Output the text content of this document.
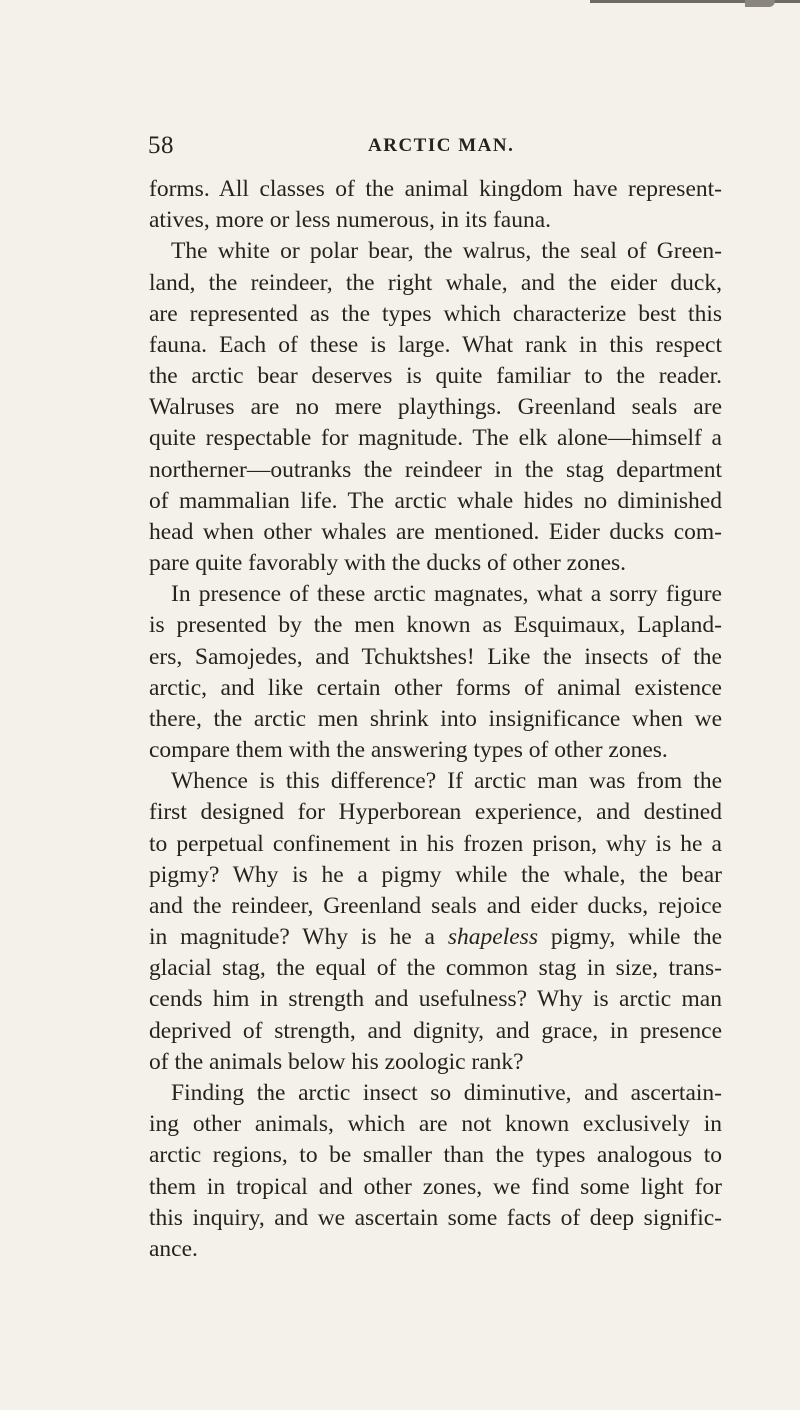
58	ARCTIC MAN.
forms. All classes of the animal kingdom have represent-
atives, more or less numerous, in its fauna.
The white or polar bear, the walrus, the seal of Green-
land, the reindeer, the right whale, and the eider duck,
are represented as the types which characterize best this
fauna. Each of these is large. What rank in this respect
the arctic bear deserves is quite familiar to the reader.
Walruses are no mere playthings. Greenland seals are
quite respectable for magnitude. The elk alone—himself a
northerner—outranks the reindeer in the stag department
of mammalian life. The arctic whale hides no diminished
head when other whales are mentioned. Eider ducks com-
pare quite favorably with the ducks of other zones.
In presence of these arctic magnates, what a sorry figure
is presented by the men known as Esquimaux, Lapland-
ers, Samojedes, and Tchuktshes! Like the insects of the
arctic, and like certain other forms of animal existence
there, the arctic men shrink into insignificance when we
compare them with the answering types of other zones.
Whence is this difference? If arctic man was from the
first designed for Hyperborean experience, and destined
to perpetual confinement in his frozen prison, why is he a
pigmy? Why is he a pigmy while the whale, the bear
and the reindeer, Greenland seals and eider ducks, rejoice
in magnitude? Why is he a shapeless pigmy, while the
glacial stag, the equal of the common stag in size, trans-
cends him in strength and usefulness? Why is arctic man
deprived of strength, and dignity, and grace, in presence
of the animals below his zoologic rank?
Finding the arctic insect so diminutive, and ascertain-
ing other animals, which are not known exclusively in
arctic regions, to be smaller than the types analogous to
them in tropical and other zones, we find some light for
this inquiry, and we ascertain some facts of deep signific-
ance.
